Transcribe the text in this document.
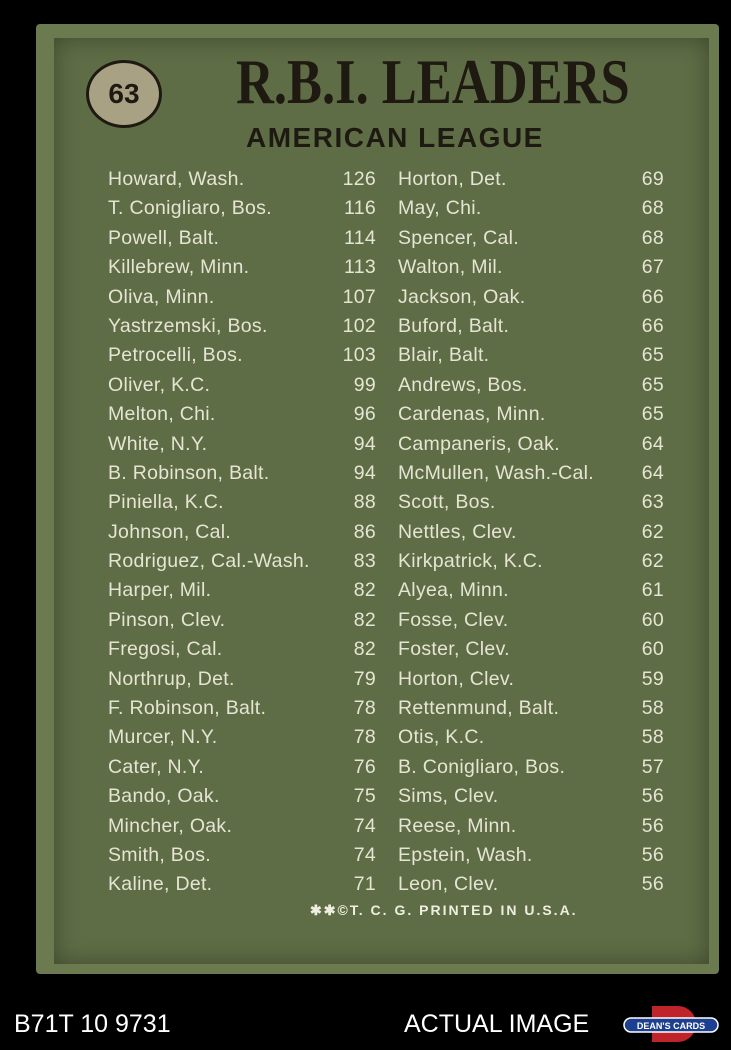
63 R.B.I. LEADERS
AMERICAN LEAGUE
Howard, Wash.	126
T. Conigliaro, Bos.	116
Powell, Balt.	114
Killebrew, Minn.	113
Oliva, Minn.	107
Yastrzemski, Bos.	102
Petrocelli, Bos.	103
Oliver, K.C.	99
Melton, Chi.	96
White, N.Y.	94
B. Robinson, Balt.	94
Piniella, K.C.	88
Johnson, Cal.	86
Rodriguez, Cal.-Wash. 83
Harper, Mil.	82
Pinson, Clev.	82
Fregosi, Cal.	82
Northrup, Det.	79
F. Robinson, Balt.	78
Murcer, N.Y.	78
Cater, N.Y.	76
Bando, Oak.	75
Mincher, Oak.	74
Smith, Bos.	74
Kaline, Det.	71
Horton, Det.	69
May, Chi.	68
Spencer, Cal.	68
Walton, Mil.	67
Jackson, Oak.	66
Buford, Balt.	66
Blair, Balt.	65
Andrews, Bos.	65
Cardenas, Minn.	65
Campaneris, Oak.	64
McMullen, Wash.-Cal. 64
Scott, Bos.	63
Nettles, Clev.	62
Kirkpatrick, K.C.	62
Alyea, Minn.	61
Fosse, Clev.	60
Foster, Clev.	60
Horton, Clev.	59
Rettenmund, Balt.	58
Otis, K.C.	58
B. Conigliaro, Bos.	57
Sims, Clev.	56
Reese, Minn.	56
Epstein, Wash.	56
Leon, Clev.	56
✱✱©T. C. G. PRINTED IN U.S.A.
B71T 10 9731	ACTUAL IMAGE	DEAN'S CARDS
